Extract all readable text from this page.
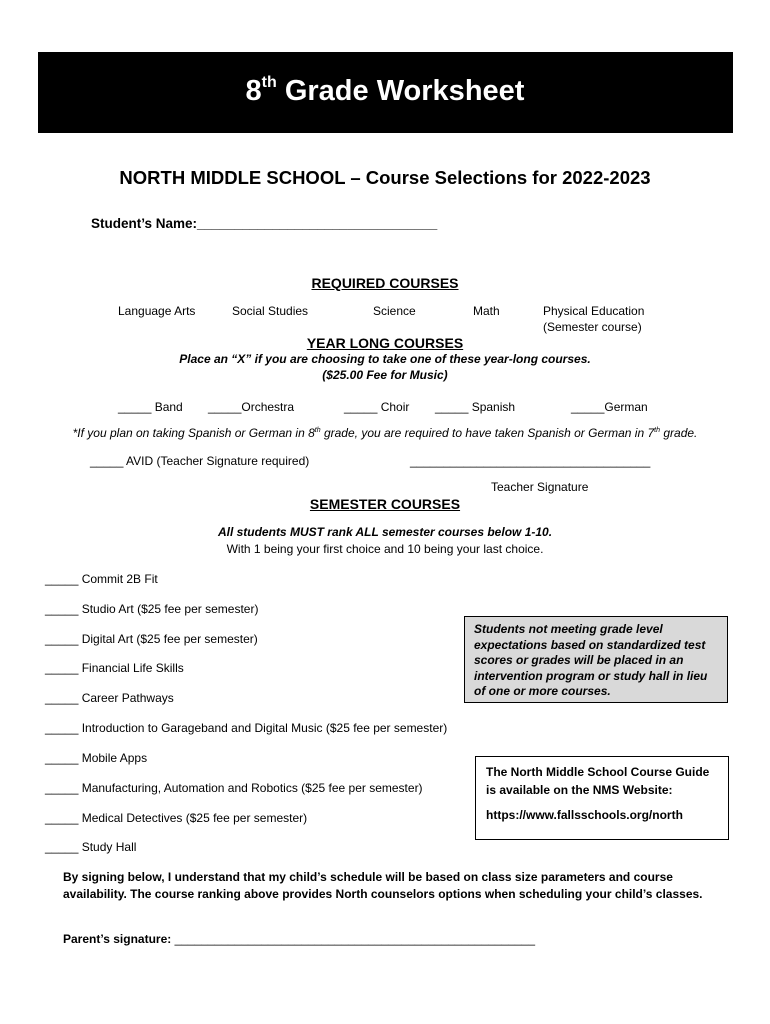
8th Grade Worksheet
NORTH MIDDLE SCHOOL – Course Selections for 2022-2023
Student’s Name:________________________________
REQUIRED COURSES
Language Arts	Social Studies	Science	Math	Physical Education
(Semester course)
YEAR LONG COURSES
Place an “X” if you are choosing to take one of these year-long courses.
($25.00 Fee for Music)
_____ Band _____Orchestra	_____ Choir _____ Spanish	_____German
*If you plan on taking Spanish or German in 8th grade, you are required to have taken Spanish or German in 7th grade.
_____ AVID (Teacher Signature required)	____________________________________
Teacher Signature
SEMESTER COURSES
All students MUST rank ALL semester courses below 1-10.
With 1 being your first choice and 10 being your last choice.
_____ Commit 2B Fit
_____ Studio Art ($25 fee per semester)
_____ Digital Art ($25 fee per semester)
_____ Financial Life Skills
_____ Career Pathways
_____ Introduction to Garageband and Digital Music ($25 fee per semester)
_____ Mobile Apps
_____ Manufacturing, Automation and Robotics ($25 fee per semester)
_____ Medical Detectives ($25 fee per semester)
_____ Study Hall
Students not meeting grade level expectations based on standardized test scores or grades will be placed in an intervention program or study hall in lieu of one or more courses.
The North Middle School Course Guide is available on the NMS Website:
https://www.fallsschools.org/north
By signing below, I understand that my child’s schedule will be based on class size parameters and course availability. The course ranking above provides North counselors options when scheduling your child’s classes.
Parent’s signature: ______________________________________________________
